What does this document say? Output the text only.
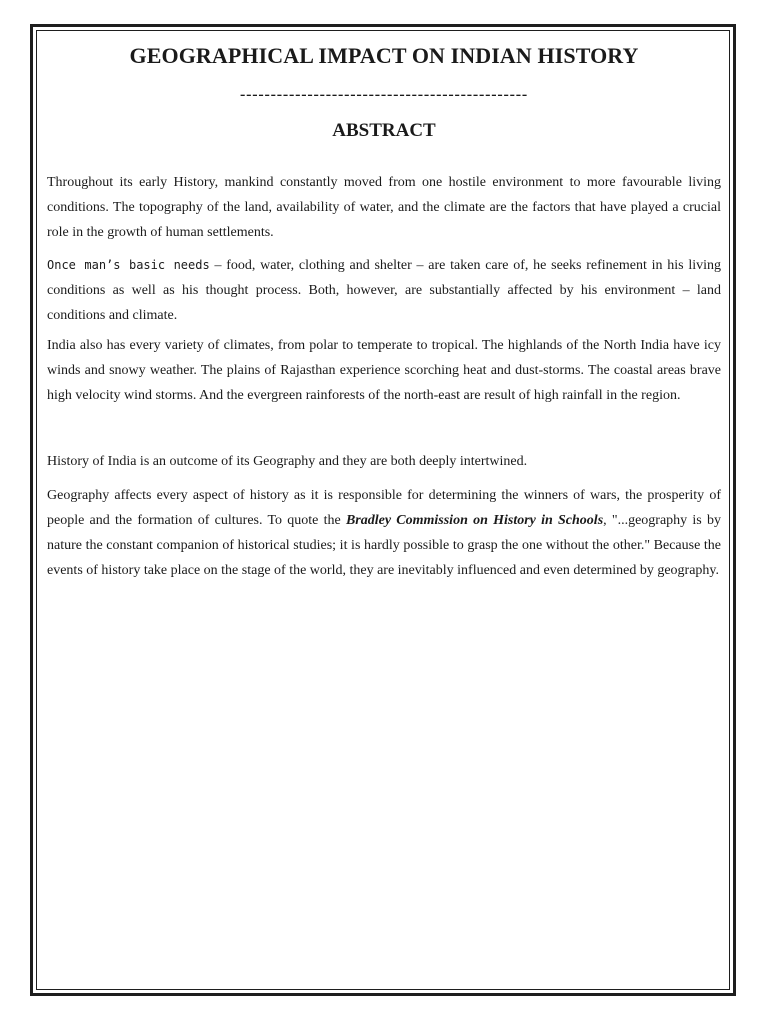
GEOGRAPHICAL IMPACT ON INDIAN HISTORY
-----------------------------------------------
ABSTRACT

Throughout its early History, mankind constantly moved from one hostile environment to more favourable living conditions. The topography of the land, availability of water, and the climate are the factors that have played a crucial role in the growth of human settlements.

Once man’s basic needs – food, water, clothing and shelter – are taken care of, he seeks refinement in his living conditions as well as his thought process. Both, however, are substantially affected by his environment – land conditions and climate.

India also has every variety of climates, from polar to temperate to tropical. The highlands of the North India have icy winds and snowy weather. The plains of Rajasthan experience scorching heat and dust-storms. The coastal areas brave high velocity wind storms. And the evergreen rainforests of the north-east are result of high rainfall in the region.

History of India is an outcome of its Geography and they are both deeply intertwined.

Geography affects every aspect of history as it is responsible for determining the winners of wars, the prosperity of people and the formation of cultures. To quote the Bradley Commission on History in Schools, "...geography is by nature the constant companion of historical studies; it is hardly possible to grasp the one without the other." Because the events of history take place on the stage of the world, they are inevitably influenced and even determined by geography.
